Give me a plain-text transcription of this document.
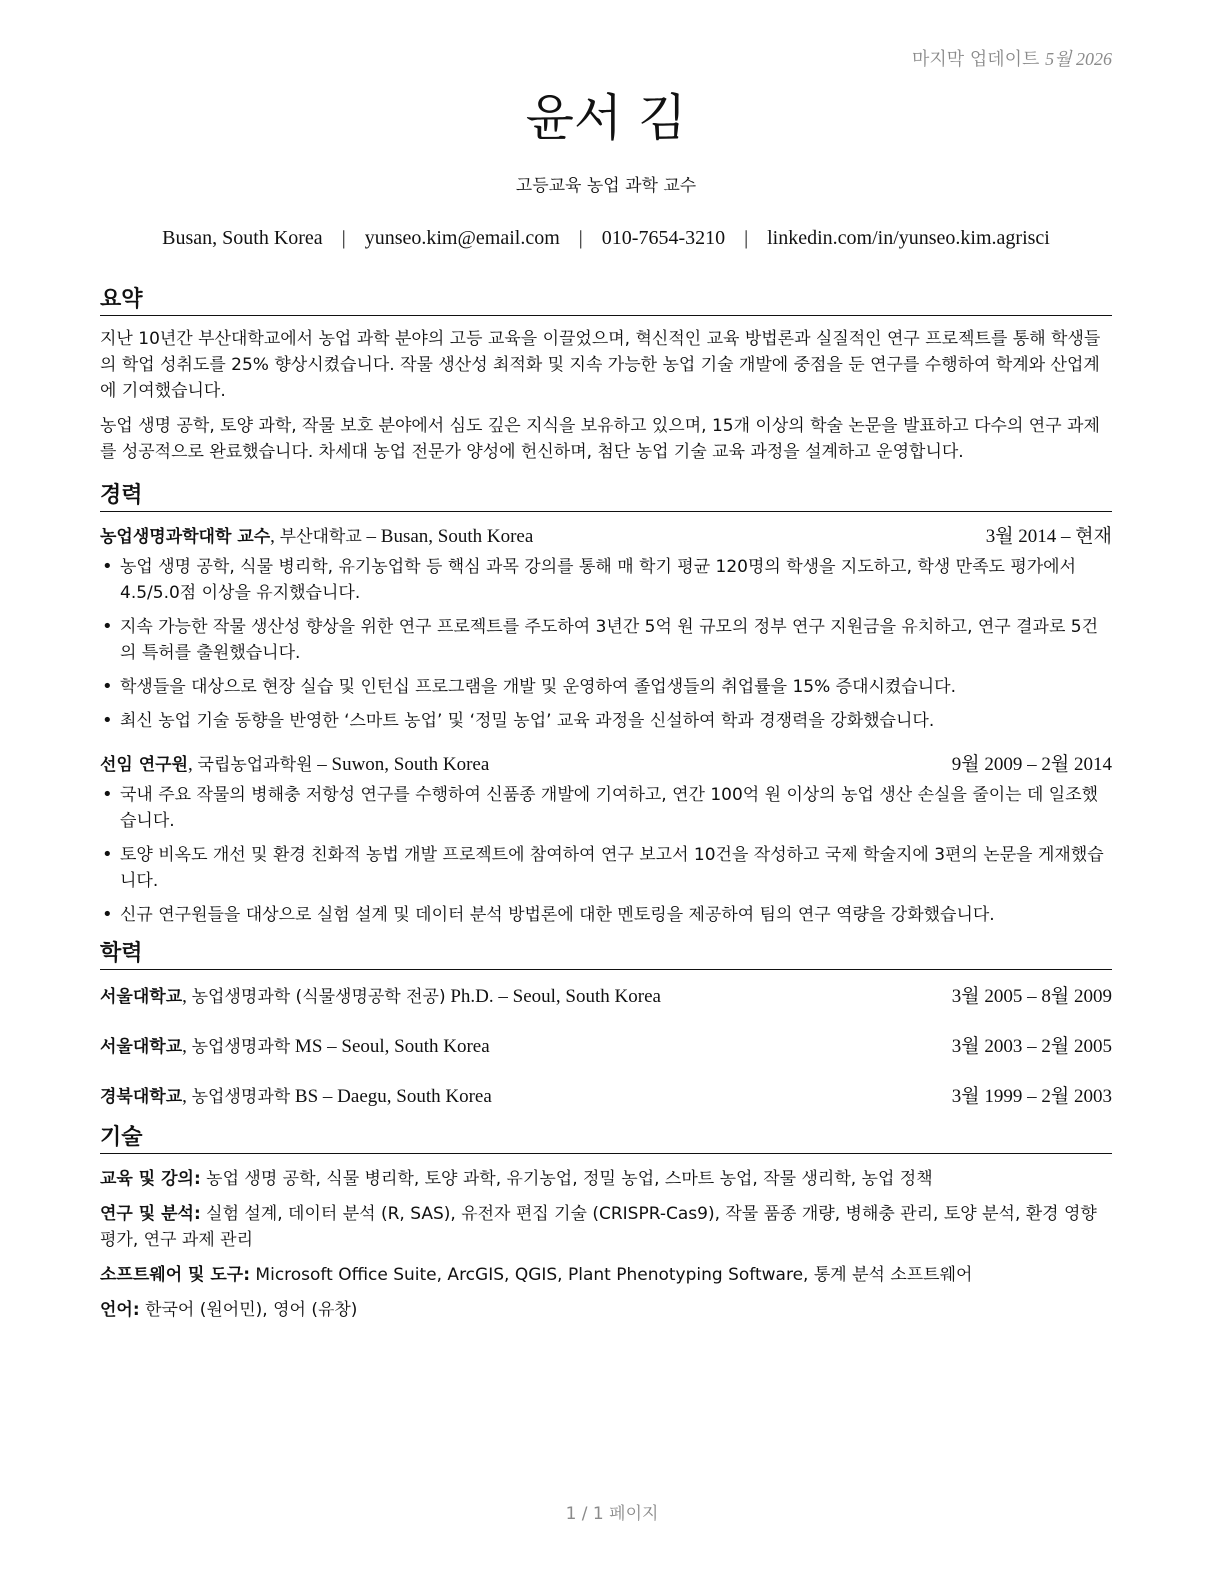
마지막 업데이트 5월 2026
윤서 김
고등교육 농업 과학 교수
Busan, South Korea | yunseo.kim@email.com | 010-7654-3210 | linkedin.com/in/yunseo.kim.agrisci
요약

지난 10년간 부산대학교에서 농업 과학 분야의 고등 교육을 이끌었으며, 혁신적인 교육 방법론과 실질적인 연구 프로젝트를 통해 학생들의 학업 성취도를 25% 향상시켰습니다. 작물 생산성 최적화 및 지속 가능한 농업 기술 개발에 중점을 둔 연구를 수행하여 학계와 산업계에 기여했습니다.

농업 생명 공학, 토양 과학, 작물 보호 분야에서 심도 깊은 지식을 보유하고 있으며, 15개 이상의 학술 논문을 발표하고 다수의 연구 과제를 성공적으로 완료했습니다. 차세대 농업 전문가 양성에 헌신하며, 첨단 농업 기술 교육 과정을 설계하고 운영합니다.

경력
농업생명과학대학 교수, 부산대학교 – Busan, South Korea	3월 2014 – 현재
• 농업 생명 공학, 식물 병리학, 유기농업학 등 핵심 과목 강의를 통해 매 학기 평균 120명의 학생을 지도하고, 학생 만족도 평가에서 4.5/5.0점 이상을 유지했습니다.
• 지속 가능한 작물 생산성 향상을 위한 연구 프로젝트를 주도하여 3년간 5억 원 규모의 정부 연구 지원금을 유치하고, 연구 결과로 5건의 특허를 출원했습니다.
• 학생들을 대상으로 현장 실습 및 인턴십 프로그램을 개발 및 운영하여 졸업생들의 취업률을 15% 증대시켰습니다.
• 최신 농업 기술 동향을 반영한 ‘스마트 농업’ 및 ‘정밀 농업’ 교육 과정을 신설하여 학과 경쟁력을 강화했습니다.
선임 연구원, 국립농업과학원 – Suwon, South Korea	9월 2009 – 2월 2014
• 국내 주요 작물의 병해충 저항성 연구를 수행하여 신품종 개발에 기여하고, 연간 100억 원 이상의 농업 생산 손실을 줄이는 데 일조했습니다.
• 토양 비옥도 개선 및 환경 친화적 농법 개발 프로젝트에 참여하여 연구 보고서 10건을 작성하고 국제 학술지에 3편의 논문을 게재했습니다.
• 신규 연구원들을 대상으로 실험 설계 및 데이터 분석 방법론에 대한 멘토링을 제공하여 팀의 연구 역량을 강화했습니다.
학력
서울대학교, 농업생명과학 (식물생명공학 전공) Ph.D. – Seoul, South Korea	3월 2005 – 8월 2009
서울대학교, 농업생명과학 MS – Seoul, South Korea	3월 2003 – 2월 2005
경북대학교, 농업생명과학 BS – Daegu, South Korea	3월 1999 – 2월 2003
기술
교육 및 강의: 농업 생명 공학, 식물 병리학, 토양 과학, 유기농업, 정밀 농업, 스마트 농업, 작물 생리학, 농업 정책
연구 및 분석: 실험 설계, 데이터 분석 (R, SAS), 유전자 편집 기술 (CRISPR-Cas9), 작물 품종 개량, 병해충 관리, 토양 분석, 환경 영향 평가, 연구 과제 관리
소프트웨어 및 도구: Microsoft Office Suite, ArcGIS, QGIS, Plant Phenotyping Software, 통계 분석 소프트웨어
언어: 한국어 (원어민), 영어 (유창)
1 / 1 페이지
